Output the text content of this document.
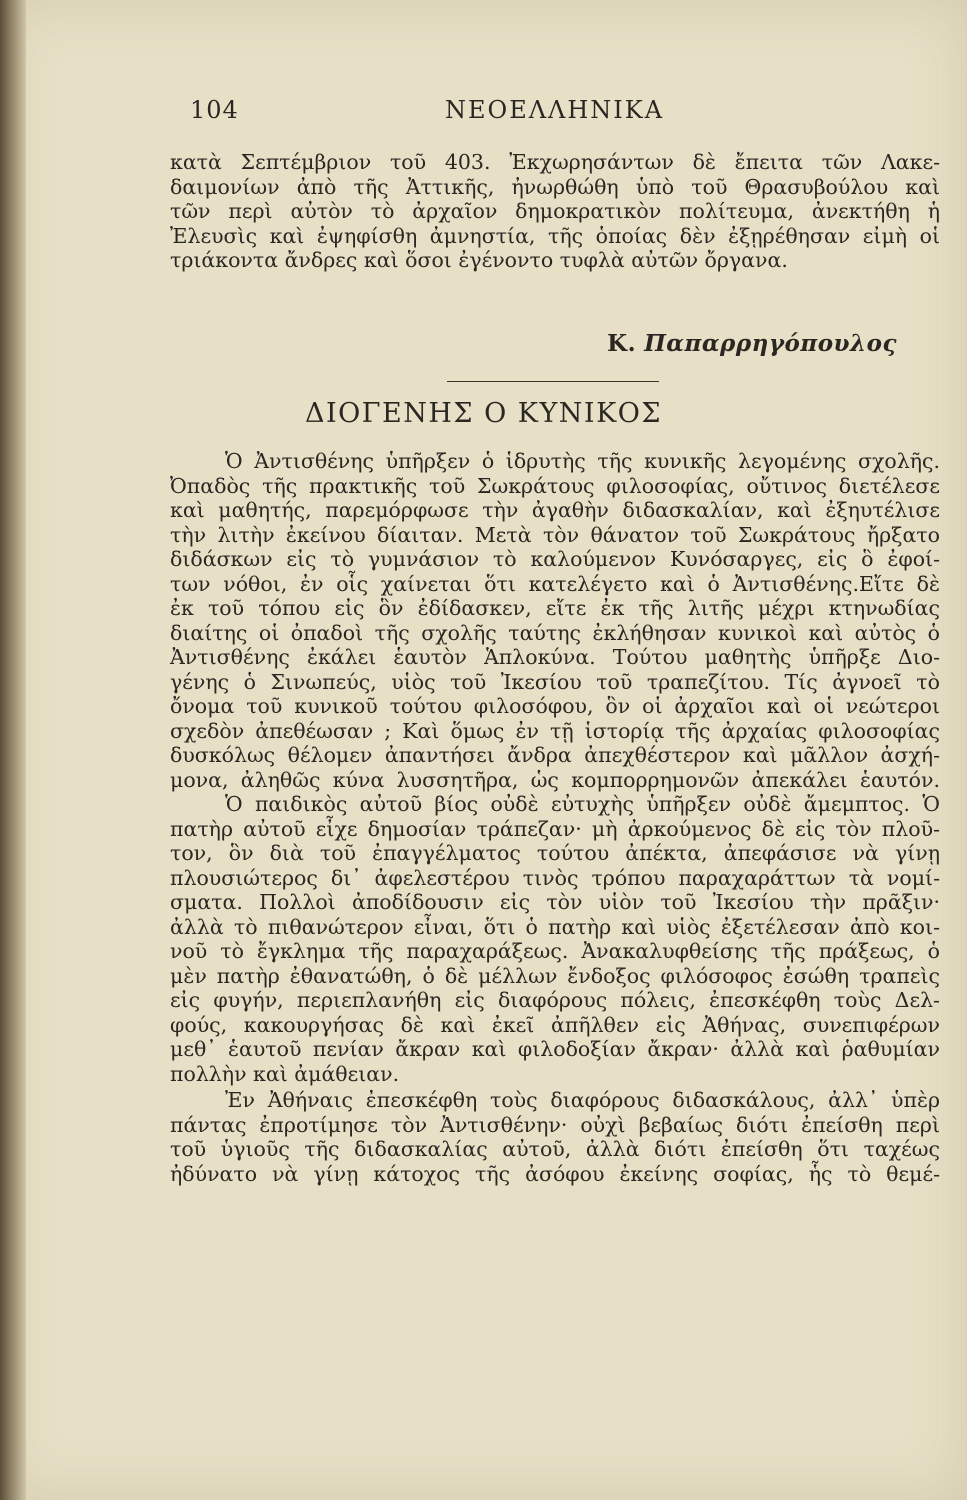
104	ΝΕΟΕΛΛΗΝΙΚΑ
κατὰ Σεπτέμβριον τοῦ 403. Ἐκχωρησάντων δὲ ἔπειτα τῶν Λακε-
δαιμονίων ἀπὸ τῆς Ἀττικῆς, ἠνωρθώθη ὑπὸ τοῦ Θρασυβούλου καὶ
τῶν περὶ αὐτὸν τὸ ἀρχαῖον δημοκρατικὸν πολίτευμα, ἀνεκτήθη ἡ
Ἐλευσὶς καὶ ἐψηφίσθη ἀμνηστία, τῆς ὁποίας δὲν ἐξῃρέθησαν εἰμὴ οἱ
τριάκοντα ἄνδρες καὶ ὅσοι ἐγένοντο τυφλὰ αὐτῶν ὄργανα.
Κ. Παπαρρηγόπουλος
ΔΙΟΓΕΝΗΣ Ο ΚΥΝΙΚΟΣ
Ὁ Ἀντισθένης ὑπῆρξεν ὁ ἱδρυτὴς τῆς κυνικῆς λεγομένης σχολῆς.
Ὀπαδὸς τῆς πρακτικῆς τοῦ Σωκράτους φιλοσοφίας, οὔτινος διετέλεσε
καὶ μαθητής, παρεμόρφωσε τὴν ἀγαθὴν διδασκαλίαν, καὶ ἐξηυτέλισε
τὴν λιτὴν ἐκείνου δίαιταν. Μετὰ τὸν θάνατον τοῦ Σωκράτους ἤρξατο
διδάσκων εἰς τὸ γυμνάσιον τὸ καλούμενον Κυνόσαργες, εἰς ὃ ἐφοί-
των νόθοι, ἐν οἷς χαίνεται ὅτι κατελέγετο καὶ ὁ Ἀντισθένης.Εἴτε δὲ
ἐκ τοῦ τόπου εἰς ὃν ἐδίδασκεν, εἴτε ἐκ τῆς λιτῆς μέχρι κτηνωδίας
διαίτης οἱ ὀπαδοὶ τῆς σχολῆς ταύτης ἐκλήθησαν κυνικοὶ καὶ αὐτὸς ὁ
Ἀντισθένης ἐκάλει ἑαυτὸν Ἁπλοκύνα. Τούτου μαθητὴς ὑπῆρξε Διο-
γένης ὁ Σινωπεύς, υἱὸς τοῦ Ἰκεσίου τοῦ τραπεζίτου. Τίς ἀγνοεῖ τὸ
ὄνομα τοῦ κυνικοῦ τούτου φιλοσόφου, ὃν οἱ ἀρχαῖοι καὶ οἱ νεώτεροι
σχεδὸν ἀπεθέωσαν ; Καὶ ὅμως ἐν τῇ ἱστορίᾳ τῆς ἀρχαίας φιλοσοφίας
δυσκόλως θέλομεν ἀπαντήσει ἄνδρα ἀπεχθέστερον καὶ μᾶλλον ἀσχή-
μονα, ἀληθῶς κύνα λυσσητῆρα, ὡς κομπορρημονῶν ἀπεκάλει ἑαυτόν.
Ὁ παιδικὸς αὐτοῦ βίος οὐδὲ εὐτυχὴς ὑπῆρξεν οὐδὲ ἄμεμπτος. Ὁ
πατὴρ αὐτοῦ εἶχε δημοσίαν τράπεζαν· μὴ ἀρκούμενος δὲ εἰς τὸν πλοῦ-
τον, ὃν διὰ τοῦ ἐπαγγέλματος τούτου ἀπέκτα, ἀπεφάσισε νὰ γίνῃ
πλουσιώτερος δι᾽ ἀφελεστέρου τινὸς τρόπου παραχαράττων τὰ νομί-
σματα. Πολλοὶ ἀποδίδουσιν εἰς τὸν υἱὸν τοῦ Ἰκεσίου τὴν πρᾶξιν·
ἀλλὰ τὸ πιθανώτερον εἶναι, ὅτι ὁ πατὴρ καὶ υἱὸς ἐξετέλεσαν ἀπὸ κοι-
νοῦ τὸ ἔγκλημα τῆς παραχαράξεως. Ἀνακαλυφθείσης τῆς πράξεως, ὁ
μὲν πατὴρ ἐθανατώθη, ὁ δὲ μέλλων ἔνδοξος φιλόσοφος ἐσώθη τραπεὶς
εἰς φυγήν, περιεπλανήθη εἰς διαφόρους πόλεις, ἐπεσκέφθη τοὺς Δελ-
φούς, κακουργήσας δὲ καὶ ἐκεῖ ἀπῆλθεν εἰς Ἀθήνας, συνεπιφέρων
μεθ᾽ ἑαυτοῦ πενίαν ἄκραν καὶ φιλοδοξίαν ἄκραν· ἀλλὰ καὶ ῥαθυμίαν
πολλὴν καὶ ἀμάθειαν.
Ἐν Ἀθήναις ἐπεσκέφθη τοὺς διαφόρους διδασκάλους, ἀλλ᾽ ὑπὲρ
πάντας ἐπροτίμησε τὸν Ἀντισθένην· οὐχὶ βεβαίως διότι ἐπείσθη περὶ
τοῦ ὑγιοῦς τῆς διδασκαλίας αὐτοῦ, ἀλλὰ διότι ἐπείσθη ὅτι ταχέως
ἠδύνατο νὰ γίνῃ κάτοχος τῆς ἀσόφου ἐκείνης σοφίας, ἧς τὸ θεμέ-
